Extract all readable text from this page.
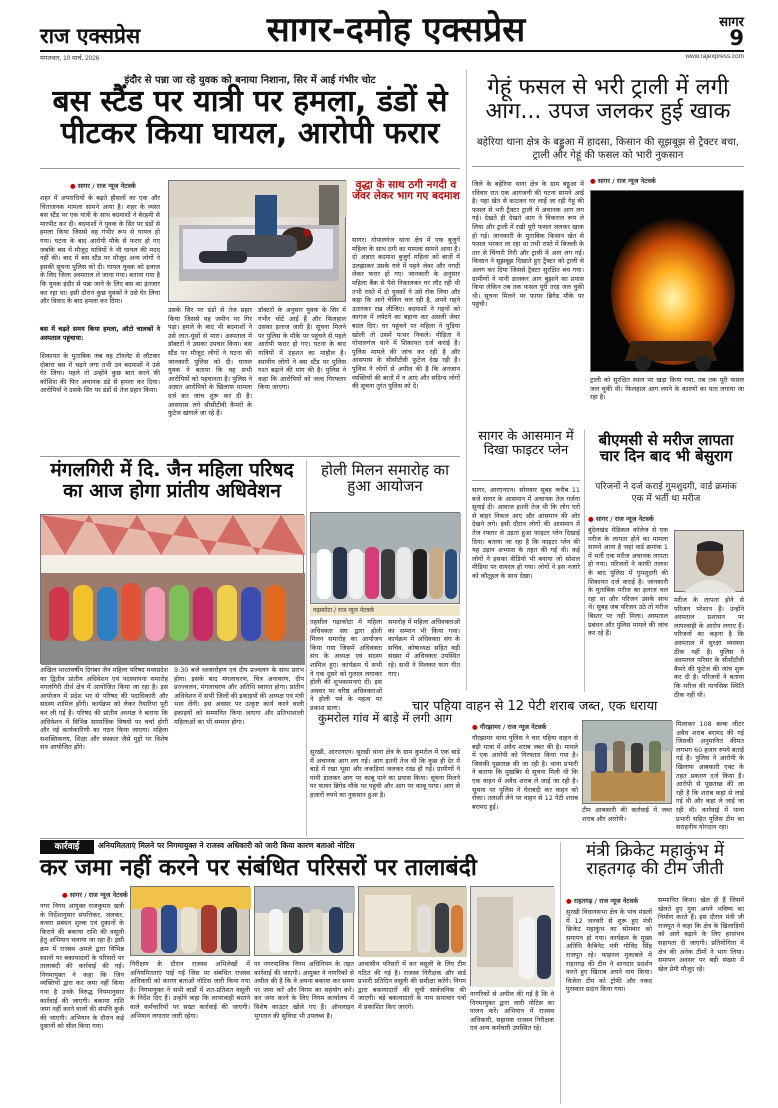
राज एक्सप्रेस	सागर-दमोह एक्सप्रेस	सागर
9
मंगलवार, 10 मार्च, 2026	www.rajexpress.com
इंदौर से पन्ना जा रहे युवक को बनाया निशाना, सिर में आई गंभीर चोट
बस स्टैंड पर यात्री पर हमला, डंडों से पीटकर किया घायल, आरोपी फरार
● सागर / राज न्यूज नेटवर्क
शहर में अपराधियों के बढ़ते हौसलों का एक और चिंताजनक मामला सामने आया है। शहर के व्यस्त बस स्टैंड पर एक यात्री के साथ बदमाशों ने बेरहमी से मारपीट कर दी। बदमाशों ने युवक के सिर पर डंडों से हमला किया जिससे वह गंभीर रूप से घायल हो गया। घटना के बाद आरोपी मौके से फरार हो गए जबकि बस में मौजूद यात्रियों ने भी घायल की मदद नहीं की। बाद में बस स्टैंड पर मौजूद अन्य लोगों ने इसकी सूचना पुलिस को दी। घायल युवक को इलाज के लिए जिला अस्पताल ले जाया गया। बताया गया है कि युवक इंदौर से पन्ना जाने के लिए बस का इंतजार कर रहा था। इसी दौरान कुछ युवकों ने उसे घेर लिया और विवाद के बाद हमला कर दिया।
बस में चढ़ते समय किया हमला, ऑटो चालकों ने अस्पताल पहुंचाया:
शिकायत के मुताबिक जब वह टॉयलेट से लौटकर दोबारा बस में चढ़ने लगा तभी उन बदमाशों ने उसे घेर लिया। पहले तो उन्होंने कुछ बात करने की कोशिश की फिर अचानक डंडे से हमला कर दिया। आरोपियों ने उसके सिर पर डंडों से तेज प्रहार किया।
उसके सिर पर डंडों से तेज प्रहार किया जिससे वह जमीन पर गिर पड़ा। हमले के बाद भी बदमाशों ने उसे लात-घूंसों से मारा। अस्पताल में डॉक्टरों ने उसका उपचार किया। बस स्टैंड पर मौजूद लोगों ने घटना की जानकारी पुलिस को दी। घायल युवक ने बताया कि वह सभी आरोपियों को पहचानता है। पुलिस ने अज्ञात आरोपियों के खिलाफ मामला दर्ज कर जांच शुरू कर दी है। आसपास लगे सीसीटीवी कैमरों के फुटेज खंगाले जा रहे हैं।
डॉक्टरों के अनुसार युवक के सिर में गंभीर चोटें आई हैं और फिलहाल उसका इलाज जारी है। सूचना मिलने पर पुलिस के मौके पर पहुंचने से पहले आरोपी फरार हो गए। घटना के बाद यात्रियों में दहशत का माहौल है। स्थानीय लोगों ने बस स्टैंड पर पुलिस गश्त बढ़ाने की मांग की है। पुलिस ने कहा कि आरोपियों को जल्द गिरफ्तार किया जाएगा।
वृद्धा के साथ ठगी नगदी व जेवर लेकर भाग गए बदमाश
सागर। गोपालगंज थाना क्षेत्र में एक बुजुर्ग महिला के साथ ठगी का मामला सामने आया है। दो अज्ञात बदमाश बुजुर्ग महिला को बातों में उलझाकर उसके गले में पहने जेवर और नगदी लेकर फरार हो गए। जानकारी के अनुसार महिला बैंक से पैसे निकालकर घर लौट रही थी तभी रास्ते में दो युवकों ने उसे रोक लिया और कहा कि आगे चेकिंग चल रही है, अपने गहने उतारकर रख लीजिए। बदमाशों ने गहनों को कागज में लपेटने का बहाना कर असली जेवर बदल दिए। घर पहुंचने पर महिला ने पुड़िया खोली तो उसमें पत्थर निकले। पीड़िता ने गोपालगंज थाने में शिकायत दर्ज कराई है। पुलिस मामले की जांच कर रही है और आसपास के सीसीटीवी फुटेज देख रही है। पुलिस ने लोगों से अपील की है कि अनजान व्यक्तियों की बातों में न आएं और संदिग्ध लोगों की सूचना तुरंत पुलिस को दें।
गेहूं फसल से भरी ट्राली में लगी आग... उपज जलकर हुई खाक
बहेरिया थाना क्षेत्र के बड्डुआ में हादसा, किसान की सूझबूझ से ट्रैक्टर बचा, ट्राली और गेहूं की फसल को भारी नुकसान
जिले के बहेरिया थाना क्षेत्र के ग्राम बड्डुआ में रविवार रात एक आगजनी की घटना सामने आई है। यहां खेत से काटकर घर लाई जा रही गेहूं की फसल से भरी ट्रैक्टर ट्राली में अचानक आग लग गई। देखते ही देखते आग ने विकराल रूप ले लिया और ट्राली में रखी पूरी फसल जलकर खाक हो गई। जानकारी के मुताबिक किसान खेत से फसल भरकर ला रहा था तभी रास्ते में बिजली के तार से चिंगारी गिरी और ट्राली में आग लग गई। किसान ने सूझबूझ दिखाते हुए ट्रैक्टर को ट्राली से अलग कर दिया जिससे ट्रैक्टर सुरक्षित बच गया। ग्रामीणों ने पानी डालकर आग बुझाने का प्रयास किया लेकिन तब तक फसल पूरी तरह जल चुकी थी। सूचना मिलने पर फायर ब्रिगेड मौके पर पहुंची।
● सागर / राज न्यूज नेटवर्क
ट्राली को सुरक्षित स्थान पर खड़ा किया गया, तब तक पूरी फसल जल चुकी थी। फिलहाल आग लगने के कारणों का पता लगाया जा रहा है।
सागर के आसमान में दिखा फाइटर प्लेन
सागर, आरएनएन। सोमवार सुबह करीब 11 बजे सागर के आसमान में अचानक तेज गर्जना सुनाई दी। आवाज इतनी तेज थी कि लोग घरों से बाहर निकल आए और आसमान की ओर देखने लगे। इसी दौरान लोगों की आसमान में तेज रफ्तार से उड़ता हुआ फाइटर प्लेन दिखाई दिया। बताया जा रहा है कि फाइटर प्लेन की यह उड़ान अभ्यास के तहत की गई थी। कई लोगों ने इसका वीडियो भी बनाया जो सोशल मीडिया पर वायरल हो गया। लोगों ने इस नजारे को कौतूहल के साथ देखा।
बीएमसी से मरीज लापता चार दिन बाद भी बेसुराग
परिजनों ने दर्ज कराई गुमशुदगी, वार्ड क्रमांक एक में भर्ती था मरीज
● सागर / राज न्यूज नेटवर्क
बुंदेलखंड मेडिकल कॉलेज से एक मरीज के लापता होने का मामला सामने आया है जहां वार्ड क्रमांक 1 में भर्ती एक मरीज अचानक लापता हो गया। परिजनों ने काफी तलाश के बाद पुलिस में गुमशुदगी की शिकायत दर्ज कराई है। जानकारी के मुताबिक मरीज का इलाज चल रहा था और परिजन उसके साथ थे। सुबह जब परिजन उठे तो मरीज बिस्तर पर नहीं मिला। अस्पताल प्रबंधन और पुलिस मामले की जांच कर रहे हैं।
मरीज के लापता होने से परिजन परेशान हैं। उन्होंने अस्पताल प्रशासन पर लापरवाही के आरोप लगाए हैं। परिजनों का कहना है कि अस्पताल में सुरक्षा व्यवस्था ठीक नहीं है। पुलिस ने अस्पताल परिसर के सीसीटीवी कैमरे की फुटेज की जांच शुरू कर दी है। परिजनों ने बताया कि मरीज की मानसिक स्थिति ठीक नहीं थी।
मंगलगिरी में दि. जैन महिला परिषद का आज होगा प्रांतीय अधिवेशन
अखिल भारतवर्षीय दिगंबर जैन महिला परिषद मध्यप्रदेश का द्वितीय प्रांतीय अधिवेशन एवं पदस्थापना समारोह मंगलगिरी तीर्थ क्षेत्र में आयोजित किया जा रहा है। इस आयोजन में प्रदेश भर से परिषद की पदाधिकारी और सदस्य शामिल होंगी। कार्यक्रम को लेकर तैयारियां पूरी कर ली गई हैं। परिषद की प्रांतीय अध्यक्ष ने बताया कि अधिवेशन में विभिन्न सामाजिक विषयों पर चर्चा होगी और नई कार्यकारिणी का गठन किया जाएगा। महिला सशक्तिकरण, शिक्षा और संस्कार जैसे मुद्दों पर विशेष सत्र आयोजित होंगे।
9:30 बजे ध्वजारोहण एवं दीप प्रज्वलन के साथ प्रारंभ होगा। इसके बाद मंगलाचरण, चित्र अनावरण, दीप प्रज्ज्वलन, मंगलाचरण और अतिथि स्वागत होगा। प्रांतीय अधिवेशन में सभी जिलों की इकाइयों की अध्यक्ष एवं मंत्री भाग लेंगी। इस अवसर पर उत्कृष्ट कार्य करने वाली इकाइयों को सम्मानित किया जाएगा और प्रतिभाशाली महिलाओं का भी सम्मान होगा।
होली मिलन समारोह का हुआ आयोजन
गढ़ाकोटा / राज न्यूज नेटवर्क
तहसील गढ़ाकोटा में महिला अधिवक्ता संघ द्वारा होली मिलन समारोह का आयोजन किया गया जिसमें अधिवक्ता संघ के अध्यक्ष एवं सदस्य शामिल हुए। कार्यक्रम में सभी ने एक दूसरे को गुलाल लगाकर होली की शुभकामनाएं दीं। इस अवसर पर वरिष्ठ अधिवक्ताओं ने होली पर्व के महत्व पर प्रकाश डाला।
समारोह में महिला अधिवक्ताओं का सम्मान भी किया गया। कार्यक्रम में अधिवक्ता संघ के सचिव, कोषाध्यक्ष सहित बड़ी संख्या में अधिवक्ता उपस्थित रहे। सभी ने मिलकर फाग गीत गाए।
कुमरोल गांव में बाड़े में लगी आग
सुरखी, आरएनएन। सुरखी थाना क्षेत्र के ग्राम कुमरोल में एक बाड़े में अचानक आग लग गई। आग इतनी तेज थी कि कुछ ही देर में बाड़े में रखा भूसा और लकड़ियां जलकर राख हो गईं। ग्रामीणों ने पानी डालकर आग पर काबू पाने का प्रयास किया। सूचना मिलने पर फायर ब्रिगेड मौके पर पहुंची और आग पर काबू पाया। आग से हजारों रुपये का नुकसान हुआ है।
चार पहिया वाहन से 12 पेटी शराब जब्त, एक धराया
● गौरझामर / राज न्यूज नेटवर्क
गौरझामर थाना पुलिस ने चार पहिया वाहन से बड़ी मात्रा में अवैध शराब जब्त की है। मामले में एक आरोपी को गिरफ्तार किया गया है। जिसकी पूछताछ की जा रही है। थाना प्रभारी ने बताया कि मुखबिर से सूचना मिली थी कि एक वाहन में अवैध शराब ले जाई जा रही है। सूचना पर पुलिस ने घेराबंदी कर वाहन को रोका। तलाशी लेने पर वाहन से 12 पेटी शराब बरामद हुई।	टीम आबकारी की कार्रवाई में जब्त शराब और आरोपी।
मिलाकर 108 बल्क लीटर अवैध शराब बरामद की गई जिसकी अनुमानित कीमत लगभग 60 हजार रुपये बताई गई है। पुलिस ने आरोपी के खिलाफ आबकारी एक्ट के तहत प्रकरण दर्ज किया है। आरोपी से पूछताछ की जा रही है कि शराब कहां से लाई गई थी और कहां ले जाई जा रही थी। कार्रवाई में थाना प्रभारी सहित पुलिस टीम का सराहनीय योगदान रहा।
कार्रवाई	अनियमितताएं मिलने पर निगमायुक्त ने राजस्व अधिकारी को जारी किया कारण बताओ नोटिस
कर जमा नहीं करने पर संबंधित परिसरों पर तालाबंदी
● सागर / राज न्यूज नेटवर्क
नगर निगम आयुक्त राजकुमार खत्री के निर्देशानुसार संपत्तिकर, जलकर, कचरा प्रबंधन शुल्क एवं दुकानों के किराये की बकाया राशि की वसूली हेतु अभियान चलाया जा रहा है। इसी क्रम में राजस्व अमले द्वारा विभिन्न स्थानों पर बकायादारों के परिसरों पर तालाबंदी की कार्रवाई की गई। निगमायुक्त ने कहा कि जिन व्यक्तियों द्वारा कर जमा नहीं किया गया है उनके विरुद्ध नियमानुसार कार्रवाई की जाएगी। बकाया राशि जमा नहीं करने वालों की संपत्ति कुर्क की जाएगी। अभियान के दौरान कई दुकानों को सील किया गया।
निरीक्षण के दौरान राजस्व अभिलेखों में अनियमितताएं पाई गईं जिस पर संबंधित राजस्व अधिकारी को कारण बताओ नोटिस जारी किया गया है। निगमायुक्त ने सभी वार्डों में शत-प्रतिशत वसूली के निर्देश दिए हैं। उन्होंने कहा कि लापरवाही बरतने वाले कर्मचारियों पर सख्त कार्रवाई की जाएगी। अभियान लगातार जारी रहेगा।
पर नगरपालिक निगम अधिनियम के तहत कार्रवाई की जाएगी। आयुक्त ने नागरिकों से अपील की है कि वे अपना बकाया कर समय पर जमा करें और निगम का सहयोग करें। कर जमा करने के लिए निगम कार्यालय में विशेष काउंटर खोले गए हैं। ऑनलाइन भुगतान की सुविधा भी उपलब्ध है।
आवासीय परिसरों में कर वसूली के लिए टीम गठित की गई है। राजस्व निरीक्षक और वार्ड प्रभारी प्रतिदिन वसूली की समीक्षा करेंगे। निगम द्वारा बकायादारों की सूची सार्वजनिक की जाएगी। बड़े बकायादारों के नाम समाचार पत्रों में प्रकाशित किए जाएंगे।
नागरिकों से अपील की गई है कि वे निगमायुक्त द्वारा जारी नोटिस का पालन करें। अभियान में राजस्व अधिकारी, सहायक राजस्व निरीक्षक एवं अन्य कर्मचारी उपस्थित रहे।
मंत्री क्रिकेट महाकुंभ में राहतगढ़ की टीम जीती
● राहतगढ़ / राज न्यूज नेटवर्क
सुरखी विधानसभा क्षेत्र के पांच मंडलों में 12 जनवरी से शुरू हुए मंत्री क्रिकेट महाकुंभ का सोमवार को समापन हो गया। कार्यक्रम के मुख्य अतिथि कैबिनेट मंत्री गोविंद सिंह राजपूत रहे। फाइनल मुकाबले में राहतगढ़ की टीम ने शानदार प्रदर्शन करते हुए खिताब अपने नाम किया। विजेता टीम को ट्रॉफी और नकद पुरस्कार प्रदान किया गया।
सम्मानित किया। खेल ही हैं जिसमें खेलते हुए युवा अपने भविष्य का निर्माण करते हैं। इस दौरान मंत्री जी राजपूत ने कहा कि क्षेत्र के खिलाड़ियों को आगे बढ़ाने के लिए हरसंभव सहायता दी जाएगी। प्रतियोगिता में क्षेत्र की अनेक टीमों ने भाग लिया। समापन अवसर पर बड़ी संख्या में खेल प्रेमी मौजूद रहे।
